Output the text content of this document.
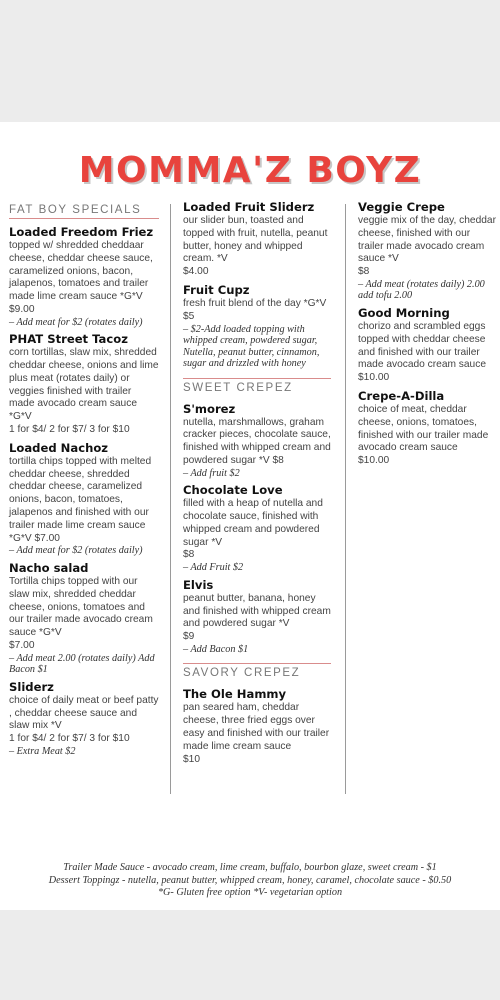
MOMMA'Z BOYZ
FAT BOY SPECIALS
Loaded Freedom Friez
topped w/ shredded cheddaar cheese, cheddar cheese sauce, caramelized onions, bacon, jalapenos, tomatoes and trailer made lime cream sauce *G*V
$9.00
– Add meat for $2 (rotates daily)
PHAT Street Tacoz
corn tortillas, slaw mix, shredded cheddar cheese, onions and lime plus meat (rotates daily) or veggies finished with trailer made avocado cream sauce *G*V
1 for $4/ 2 for $7/ 3 for $10
Loaded Nachoz
tortilla chips topped with melted cheddar cheese, shredded cheddar cheese, caramelized onions, bacon, tomatoes, jalapenos and finished with our trailer made lime cream sauce *G*V $7.00
– Add meat for $2 (rotates daily)
Nacho salad
Tortilla chips topped with our slaw mix, shredded cheddar cheese, onions, tomatoes and our trailer made avocado cream sauce *G*V
$7.00
– Add meat 2.00 (rotates daily) Add Bacon $1
Sliderz
choice of daily meat or beef patty , cheddar cheese sauce and slaw mix *V
1 for $4/ 2 for $7/ 3 for $10
– Extra Meat $2
Loaded Fruit Sliderz
our slider bun, toasted and topped with fruit, nutella, peanut butter, honey and whipped cream. *V
$4.00
Fruit Cupz
fresh fruit blend of the day *G*V $5
– $2-Add loaded topping with whipped cream, powdered sugar, Nutella, peanut butter, cinnamon, sugar and drizzled with honey
SWEET CREPEZ
S'morez
nutella, marshmallows, graham cracker pieces, chocolate sauce, finished with whipped cream and powdered sugar *V $8
– Add fruit $2
Chocolate Love
filled with a heap of nutella and chocolate sauce, finished with whipped cream and powdered sugar *V
$8
– Add Fruit $2
Elvis
peanut butter, banana, honey and finished with whipped cream and powdered sugar *V
$9
– Add Bacon $1
SAVORY CREPEZ
The Ole Hammy
pan seared ham, cheddar cheese, three fried eggs over easy and finished with our trailer made lime cream sauce
$10
Veggie Crepe
veggie mix of the day, cheddar cheese, finished with our trailer made avocado cream sauce *V
$8
– Add meat (rotates daily) 2.00 add tofu 2.00
Good Morning
chorizo and scrambled eggs topped with cheddar cheese and finished with our trailer made avocado cream sauce
$10.00
Crepe-A-Dilla
choice of meat, cheddar cheese, onions, tomatoes, finished with our trailer made avocado cream sauce
$10.00
Trailer Made Sauce - avocado cream, lime cream, buffalo, bourbon glaze, sweet cream - $1
Dessert Toppingz - nutella, peanut butter, whipped cream, honey, caramel, chocolate sauce - $0.50
*G- Gluten free option *V- vegetarian option
